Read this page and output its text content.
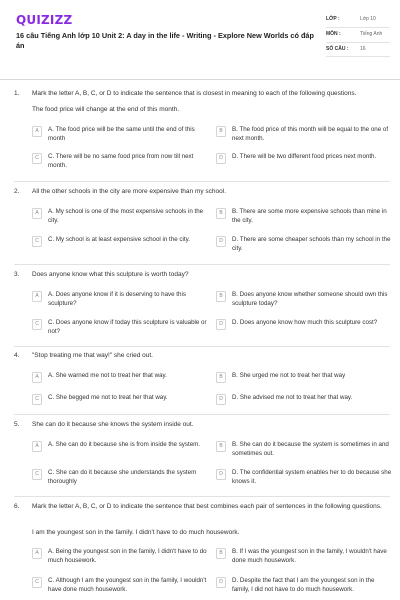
QUIZIZZ
16 câu Tiếng Anh lớp 10 Unit 2: A day in the life - Writing - Explore New Worlds có đáp án
LỚP :	Lớp 10
MÔN :	Tiếng Anh
SỐ CÂU :	16
1. Mark the letter A, B, C, or D to indicate the sentence that is closest in meaning to each of the following questions.
The food price will change at the end of this month.
A	A. The food price will be the same until the end of this month
B	B. The food price of this month will be equal to the one of next month.
C	C. There will be no same food price from now till next month.
D	D. There will be two different food prices next month.
2. All the other schools in the city are more expensive than my school.
A	A. My school is one of the most expensive schools in the city.
B	B. There are some more expensive schools than mine in the city.
C	C. My school is at least expensive school in the city.	D	D. There are some cheaper schools than my school in the city.
3. Does anyone know what this sculpture is worth today?
A	A. Does anyone know if it is deserving to have this sculpture?
B	B. Does anyone know whether someone should own this sculpture today?
C	C. Does anyone know if today this sculpture is valuable or not?
D	D. Does anyone know how much this sculpture cost?
4. "Stop treating me that way!" she cried out.
A	A. She warned me not to treat her that way.	B	B. She urged me not to treat her that way
C	C. She begged me not to treat her that way.	D	D. She advised me not to treat her that way.
5. She can do it because she knows the system inside out.
A	A. She can do it because she is from inside the system.	B	B. She can do it because the system is sometimes in and sometimes out.
C	C. She can do it because she understands the system thoroughly
D	D. The confidential system enables her to do because she knows it.
6. Mark the letter A, B, C, or D to indicate the sentence that best combines each pair of sentences in the following questions.
I am the youngest son in the family. I didn't have to do much housework.
A	A. Being the youngest son in the family, I didn't have to do much housework.
B	B. If I was the youngest son in the family, I wouldn't have done much housework.
C	C. Although I am the youngest son in the family, I wouldn't have done much housework.
D	D. Despite the fact that I am the youngest son in the family, I did not have to do much housework.
